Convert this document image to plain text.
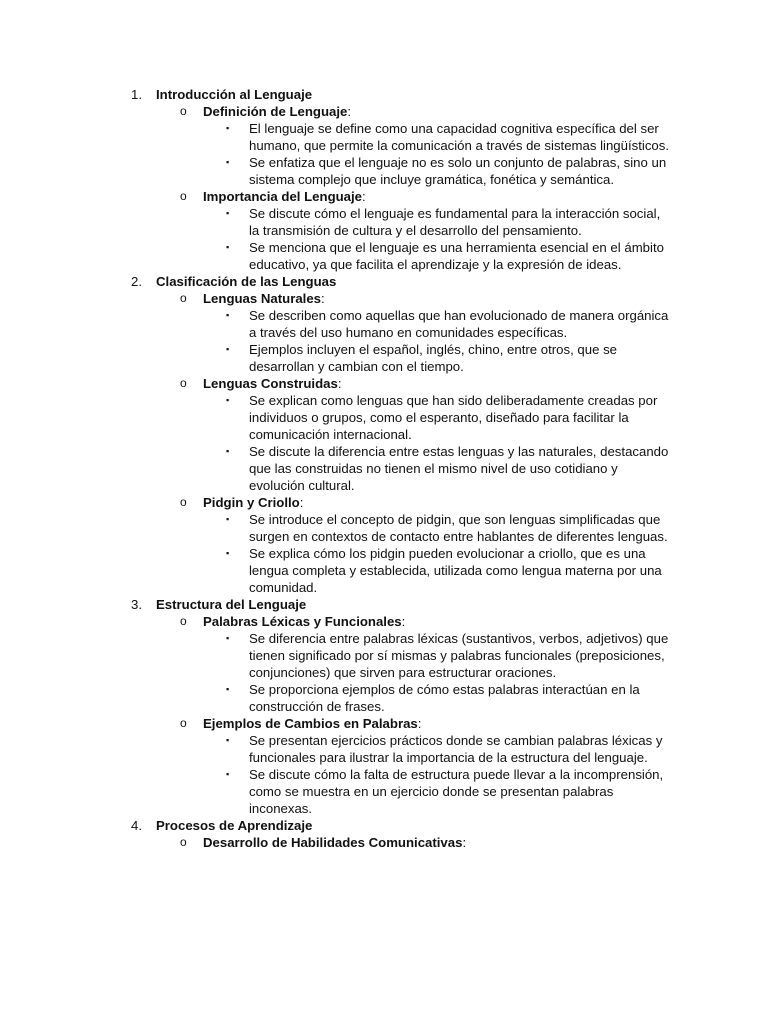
1. Introducción al Lenguaje
o Definición de Lenguaje:
▪ El lenguaje se define como una capacidad cognitiva específica del ser humano, que permite la comunicación a través de sistemas lingüísticos.
▪ Se enfatiza que el lenguaje no es solo un conjunto de palabras, sino un sistema complejo que incluye gramática, fonética y semántica.
o Importancia del Lenguaje:
▪ Se discute cómo el lenguaje es fundamental para la interacción social, la transmisión de cultura y el desarrollo del pensamiento.
▪ Se menciona que el lenguaje es una herramienta esencial en el ámbito educativo, ya que facilita el aprendizaje y la expresión de ideas.
2. Clasificación de las Lenguas
o Lenguas Naturales:
▪ Se describen como aquellas que han evolucionado de manera orgánica a través del uso humano en comunidades específicas.
▪ Ejemplos incluyen el español, inglés, chino, entre otros, que se desarrollan y cambian con el tiempo.
o Lenguas Construidas:
▪ Se explican como lenguas que han sido deliberadamente creadas por individuos o grupos, como el esperanto, diseñado para facilitar la comunicación internacional.
▪ Se discute la diferencia entre estas lenguas y las naturales, destacando que las construidas no tienen el mismo nivel de uso cotidiano y evolución cultural.
o Pidgin y Criollo:
▪ Se introduce el concepto de pidgin, que son lenguas simplificadas que surgen en contextos de contacto entre hablantes de diferentes lenguas.
▪ Se explica cómo los pidgin pueden evolucionar a criollo, que es una lengua completa y establecida, utilizada como lengua materna por una comunidad.
3. Estructura del Lenguaje
o Palabras Léxicas y Funcionales:
▪ Se diferencia entre palabras léxicas (sustantivos, verbos, adjetivos) que tienen significado por sí mismas y palabras funcionales (preposiciones, conjunciones) que sirven para estructurar oraciones.
▪ Se proporciona ejemplos de cómo estas palabras interactúan en la construcción de frases.
o Ejemplos de Cambios en Palabras:
▪ Se presentan ejercicios prácticos donde se cambian palabras léxicas y funcionales para ilustrar la importancia de la estructura del lenguaje.
▪ Se discute cómo la falta de estructura puede llevar a la incomprensión, como se muestra en un ejercicio donde se presentan palabras inconexas.
4. Procesos de Aprendizaje
o Desarrollo de Habilidades Comunicativas:
